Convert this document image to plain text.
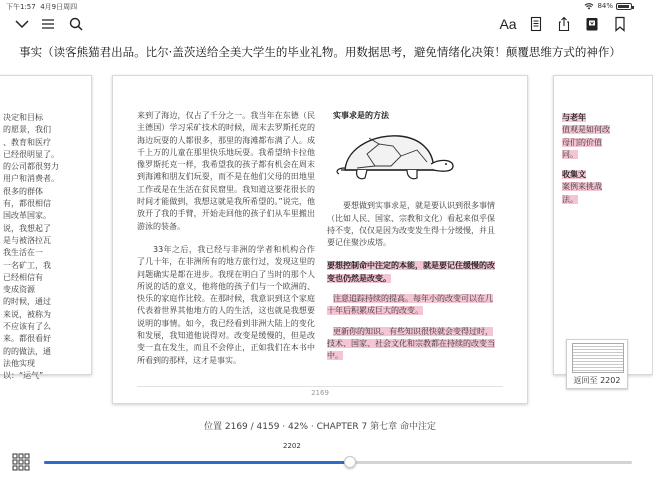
下午1:57 4月9日周四	84%
Aa
事实（读客熊猫君出品。比尔·盖茨送给全美大学生的毕业礼物。用数据思考，避免情绪化决策！颠覆思维方式的神作）
决定和目标
的愿景，我们
、教育和医疗
已经很明显了。
的公司都很努力
用户和消费者。
很多的群体
有，都很相信
国改革国家。
说，我想起了
是与被洛拉瓦
我生活在一
一名矿工，我
已经相信有
变成资源
的时候，通过
来说，被称为
不应该有了么
来。都很看好
的的做法，通
法他实现
以：“运气”

来到了海边，仅占了千分之一。我当年在东德（民主德国）学习采矿技术的时候，周末去罗斯托克的海边玩耍的人都很多，那里的海滩都布满了人。成千上万的儿童在那里快乐地玩耍。我希望纳卡拉他像罗斯托克一样，我希望我的孩子都有机会在周末到海滩和朋友们玩耍，而不是在他们父母的田地里工作或是在生活在贫民窟里。我知道这要花很长的时间才能做到，我想这就是我所希望的。”说完，他放开了我的手臂，开始走回他的孩子们从车里搬出游泳的装备。

33年之后，我已经与非洲的学者和机构合作了几十年，在非洲所有的地方旅行过，发现这里的问题确实是都在进步。我现在明白了当时的那个人所说的话的意义，他将他的孩子们与一个欧洲的、快乐的家庭作比较。在那时候，我意识到这个家庭代表着世界其他地方的人的生活，这也就是我想要说明的事情。如今，我已经看到非洲大陆上的变化和发展，我知道他说得对。改变是缓慢的，但是改变一直在发生，而且不会停止，正如我们在本书中所看到的那样，这才是事实。

实事求是的方法

要想做到实事求是，就是要认识到很多事情（比如人民、国家、宗教和文化）看起来似乎保持不变，仅仅是因为改变发生得十分缓慢，并且要记住聚沙成塔。

要想控制命中注定的本能，就是要记住缓慢的改变也仍然是改变。

注意追踪持续的提高。每年小的改变可以在几十年后积累成巨大的改变。

更新你的知识。有些知识很快就会变得过时，技术、国家、社会文化和宗教都在持续的改变当中。

2169
与老年
值观是如何改
母们的价值
同。
收集文
案例来挑战
法。
返回至 2202
位置 2169 / 4159 · 42% · CHAPTER 7 第七章 命中注定
2202
